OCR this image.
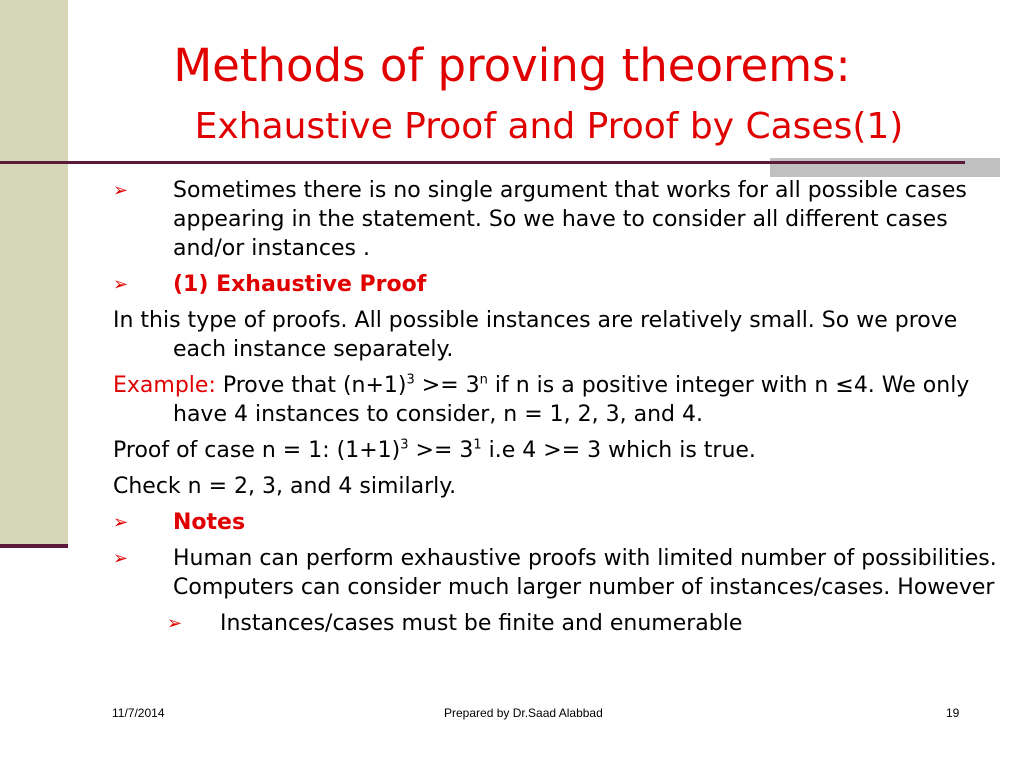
Methods of proving theorems:
Exhaustive Proof and Proof by Cases(1)
➢ Sometimes there is no single argument that works for all possible cases appearing in the statement. So we have to consider all different cases and/or instances .
➢ (1) Exhaustive Proof

In this type of proofs. All possible instances are relatively small. So we prove each instance separately.

Example: Prove that $(n+1)^3 >= 3^n$ if n is a positive integer with n ≤4. We only have 4 instances to consider, n = 1, 2, 3, and 4.

Proof of case n = 1: $(1+1)^3 >= 3^1$ i.e 4 >= 3 which is true.

Check n = 2, 3, and 4 similarly.

➢ Notes
➢ Human can perform exhaustive proofs with limited number of possibilities. Computers can consider much larger number of instances/cases. However
➢ Instances/cases must be finite and enumerable
11/7/2014	Prepared by Dr.Saad Alabbad	19
